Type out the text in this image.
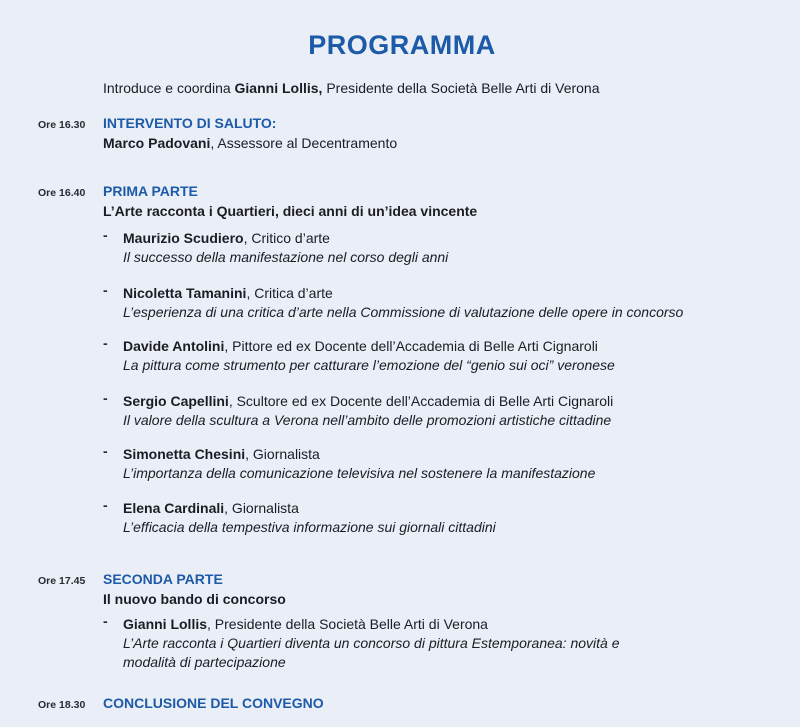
PROGRAMMA
Introduce e coordina Gianni Lollis, Presidente della Società Belle Arti di Verona
Ore 16.30 INTERVENTO DI SALUTO:
Marco Padovani, Assessore al Decentramento
Ore 16.40 PRIMA PARTE
L’Arte racconta i Quartieri, dieci anni di un’idea vincente
- Maurizio Scudiero, Critico d’arte
Il successo della manifestazione nel corso degli anni
- Nicoletta Tamanini, Critica d’arte
L’esperienza di una critica d’arte nella Commissione di valutazione delle opere in concorso
- Davide Antolini, Pittore ed ex Docente dell’Accademia di Belle Arti Cignaroli
La pittura come strumento per catturare l’emozione del “genio sui oci” veronese
- Sergio Capellini, Scultore ed ex Docente dell’Accademia di Belle Arti Cignaroli
Il valore della scultura a Verona nell’ambito delle promozioni artistiche cittadine
- Simonetta Chesini, Giornalista
L’importanza della comunicazione televisiva nel sostenere la manifestazione
- Elena Cardinali, Giornalista
L’efficacia della tempestiva informazione sui giornali cittadini
Ore 17.45 SECONDA PARTE
Il nuovo bando di concorso
- Gianni Lollis, Presidente della Società Belle Arti di Verona
L’Arte racconta i Quartieri diventa un concorso di pittura Estemporanea: novità e
modalità di partecipazione
Ore 18.30 CONCLUSIONE DEL CONVEGNO
